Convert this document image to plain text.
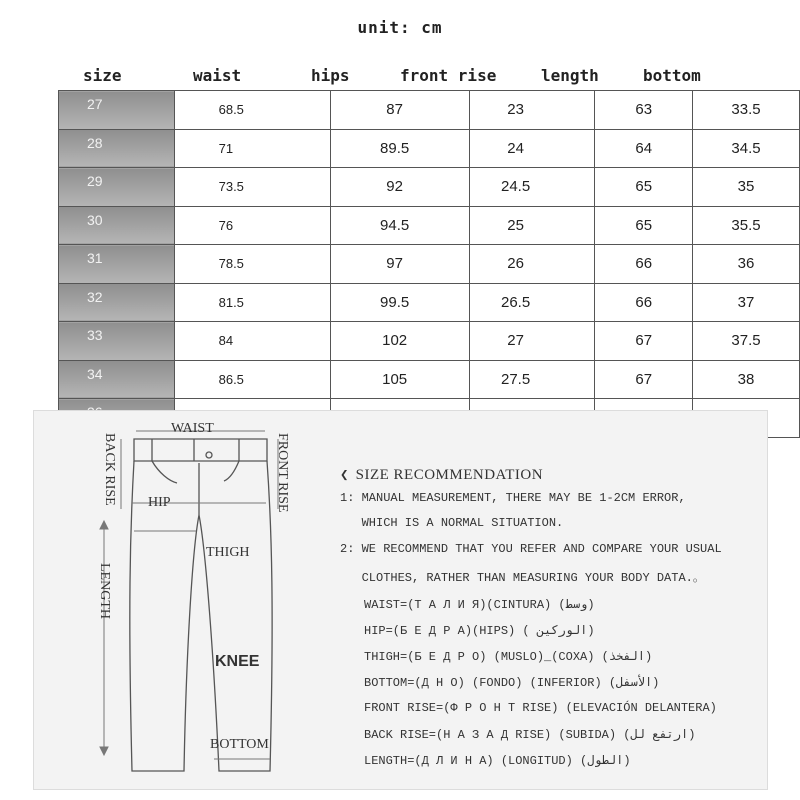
unit: cm
size	waist	hips	front rise	length	bottom
27	68.5	87	23	63	33.5
28	71	89.5	24	64	34.5
29	73.5	92	24.5	65	35
30	76	94.5	25	65	35.5
31	78.5	97	26	66	36
32	81.5	99.5	26.5	66	37
33	84	102	27	67	37.5
34	86.5	105	27.5	67	38

WAIST
BACK RISE	FRONT RISE
HIP
THIGH
LENGTH
KNEE
BOTTOM
❮ SIZE RECOMMENDATION
1: MANUAL MEASUREMENT, THERE MAY BE 1-2CM ERROR,
WHICH IS A NORMAL SITUATION.
2: WE RECOMMEND THAT YOU REFER AND COMPARE YOUR USUAL
CLOTHES, RATHER THAN MEASURING YOUR BODY DATA.。
WAIST=(Т А Л И Я)(CINTURA) (وسط)
HIP=(Б Е Д Р А)(HIPS) ( الوركين)
THIGH=(Б Е Д Р О) (MUSLO)_(COXA) (الفخذ)
BOTTOM=(Д Н О) (FONDO) (INFERIOR) (الأسفل)
FRONT RISE=(Ф Р О Н Т RISE) (ELEVACIÓN DELANTERA)
BACK RISE=(Н А З А Д RISE) (SUBIDA) (ارتفع لل)
LENGTH=(Д Л И Н А) (LONGITUD) (الطول)
